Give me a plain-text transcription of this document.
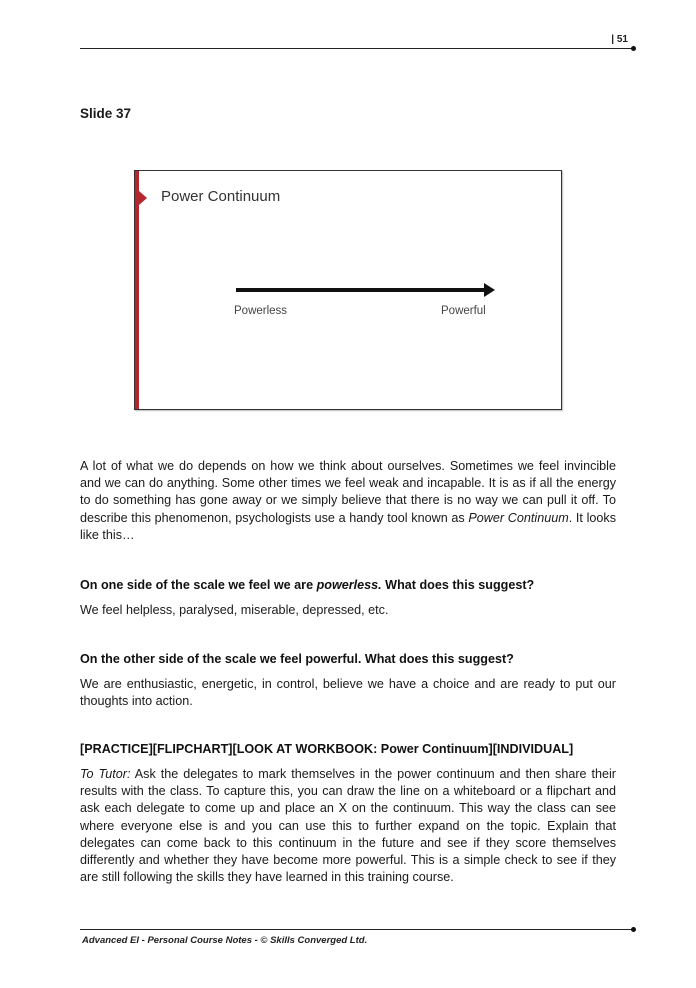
| 51
Slide 37
Power Continuum
Powerless	Powerful

A lot of what we do depends on how we think about ourselves. Sometimes we feel invincible and we can do anything. Some other times we feel weak and incapable. It is as if all the energy to do something has gone away or we simply believe that there is no way we can pull it off. To describe this phenomenon, psychologists use a handy tool known as Power Continuum. It looks like this…

On one side of the scale we feel we are powerless. What does this suggest?

We feel helpless, paralysed, miserable, depressed, etc.

On the other side of the scale we feel powerful. What does this suggest?

We are enthusiastic, energetic, in control, believe we have a choice and are ready to put our thoughts into action.

[PRACTICE][FLIPCHART][LOOK AT WORKBOOK: Power Continuum][INDIVIDUAL]

To Tutor: Ask the delegates to mark themselves in the power continuum and then share their results with the class. To capture this, you can draw the line on a whiteboard or a flipchart and ask each delegate to come up and place an X on the continuum. This way the class can see where everyone else is and you can use this to further expand on the topic. Explain that delegates can come back to this continuum in the future and see if they score themselves differently and whether they have become more powerful. This is a simple check to see if they are still following the skills they have learned in this training course.

Advanced EI - Personal Course Notes - © Skills Converged Ltd.
